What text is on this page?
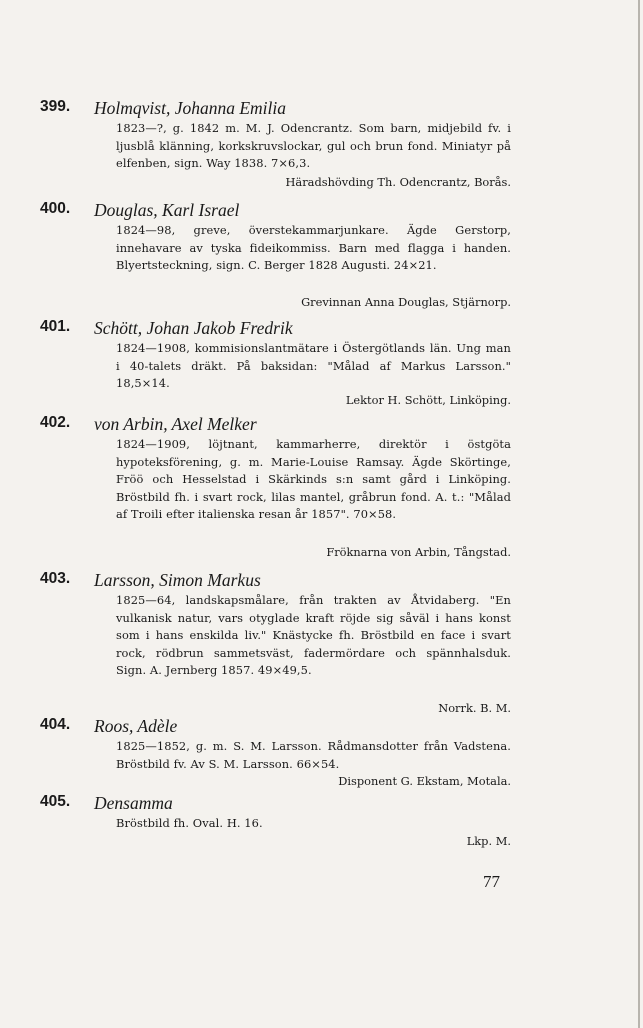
399. Holmqvist, Johanna Emilia
1823—?, g. 1842 m. M. J. Odencrantz. Som barn, midjebild fv. i ljusblå klänning, korkskruvslockar, gul och brun fond. Miniatyr på elfenben, sign. Way 1838. 7×6,3.
Häradshövding Th. Odencrantz, Borås.
400. Douglas, Karl Israel
1824—98, greve, överstekammarjunkare. Ägde Gerstorp, innehavare av tyska fideikommiss. Barn med flagga i handen. Blyertsteckning, sign. C. Berger 1828 Augusti. 24×21.
Grevinnan Anna Douglas, Stjärnorp.
401. Schött, Johan Jakob Fredrik
1824—1908, kommisionslantmätare i Östergötlands län. Ung man i 40-talets dräkt. På baksidan: "Målad af Markus Larsson." 18,5×14.
Lektor H. Schött, Linköping.
402. von Arbin, Axel Melker
1824—1909, löjtnant, kammarherre, direktör i östgöta hypoteksförening, g. m. Marie-Louise Ramsay. Ägde Skörtinge, Fröö och Hesselstad i Skärkinds s:n samt gård i Linköping. Bröstbild fh. i svart rock, lilas mantel, gråbrun fond. A. t.: "Målad af Troili efter italienska resan år 1857". 70×58.
Fröknarna von Arbin, Tångstad.
403. Larsson, Simon Markus
1825—64, landskapsmålare, från trakten av Åtvidaberg. "En vulkanisk natur, vars otyglade kraft röjde sig såväl i hans konst som i hans enskilda liv." Knästycke fh. Bröstbild en face i svart rock, rödbrun sammetsväst, fadermördare och spännhalsduk. Sign. A. Jernberg 1857. 49×49,5.
Norrk. B. M.
404. Roos, Adèle
1825—1852, g. m. S. M. Larsson. Rådmansdotter från Vadstena. Bröstbild fv. Av S. M. Larsson. 66×54.
Disponent G. Ekstam, Motala.
405. Densamma
Bröstbild fh. Oval. H. 16.
Lkp. M.
77
